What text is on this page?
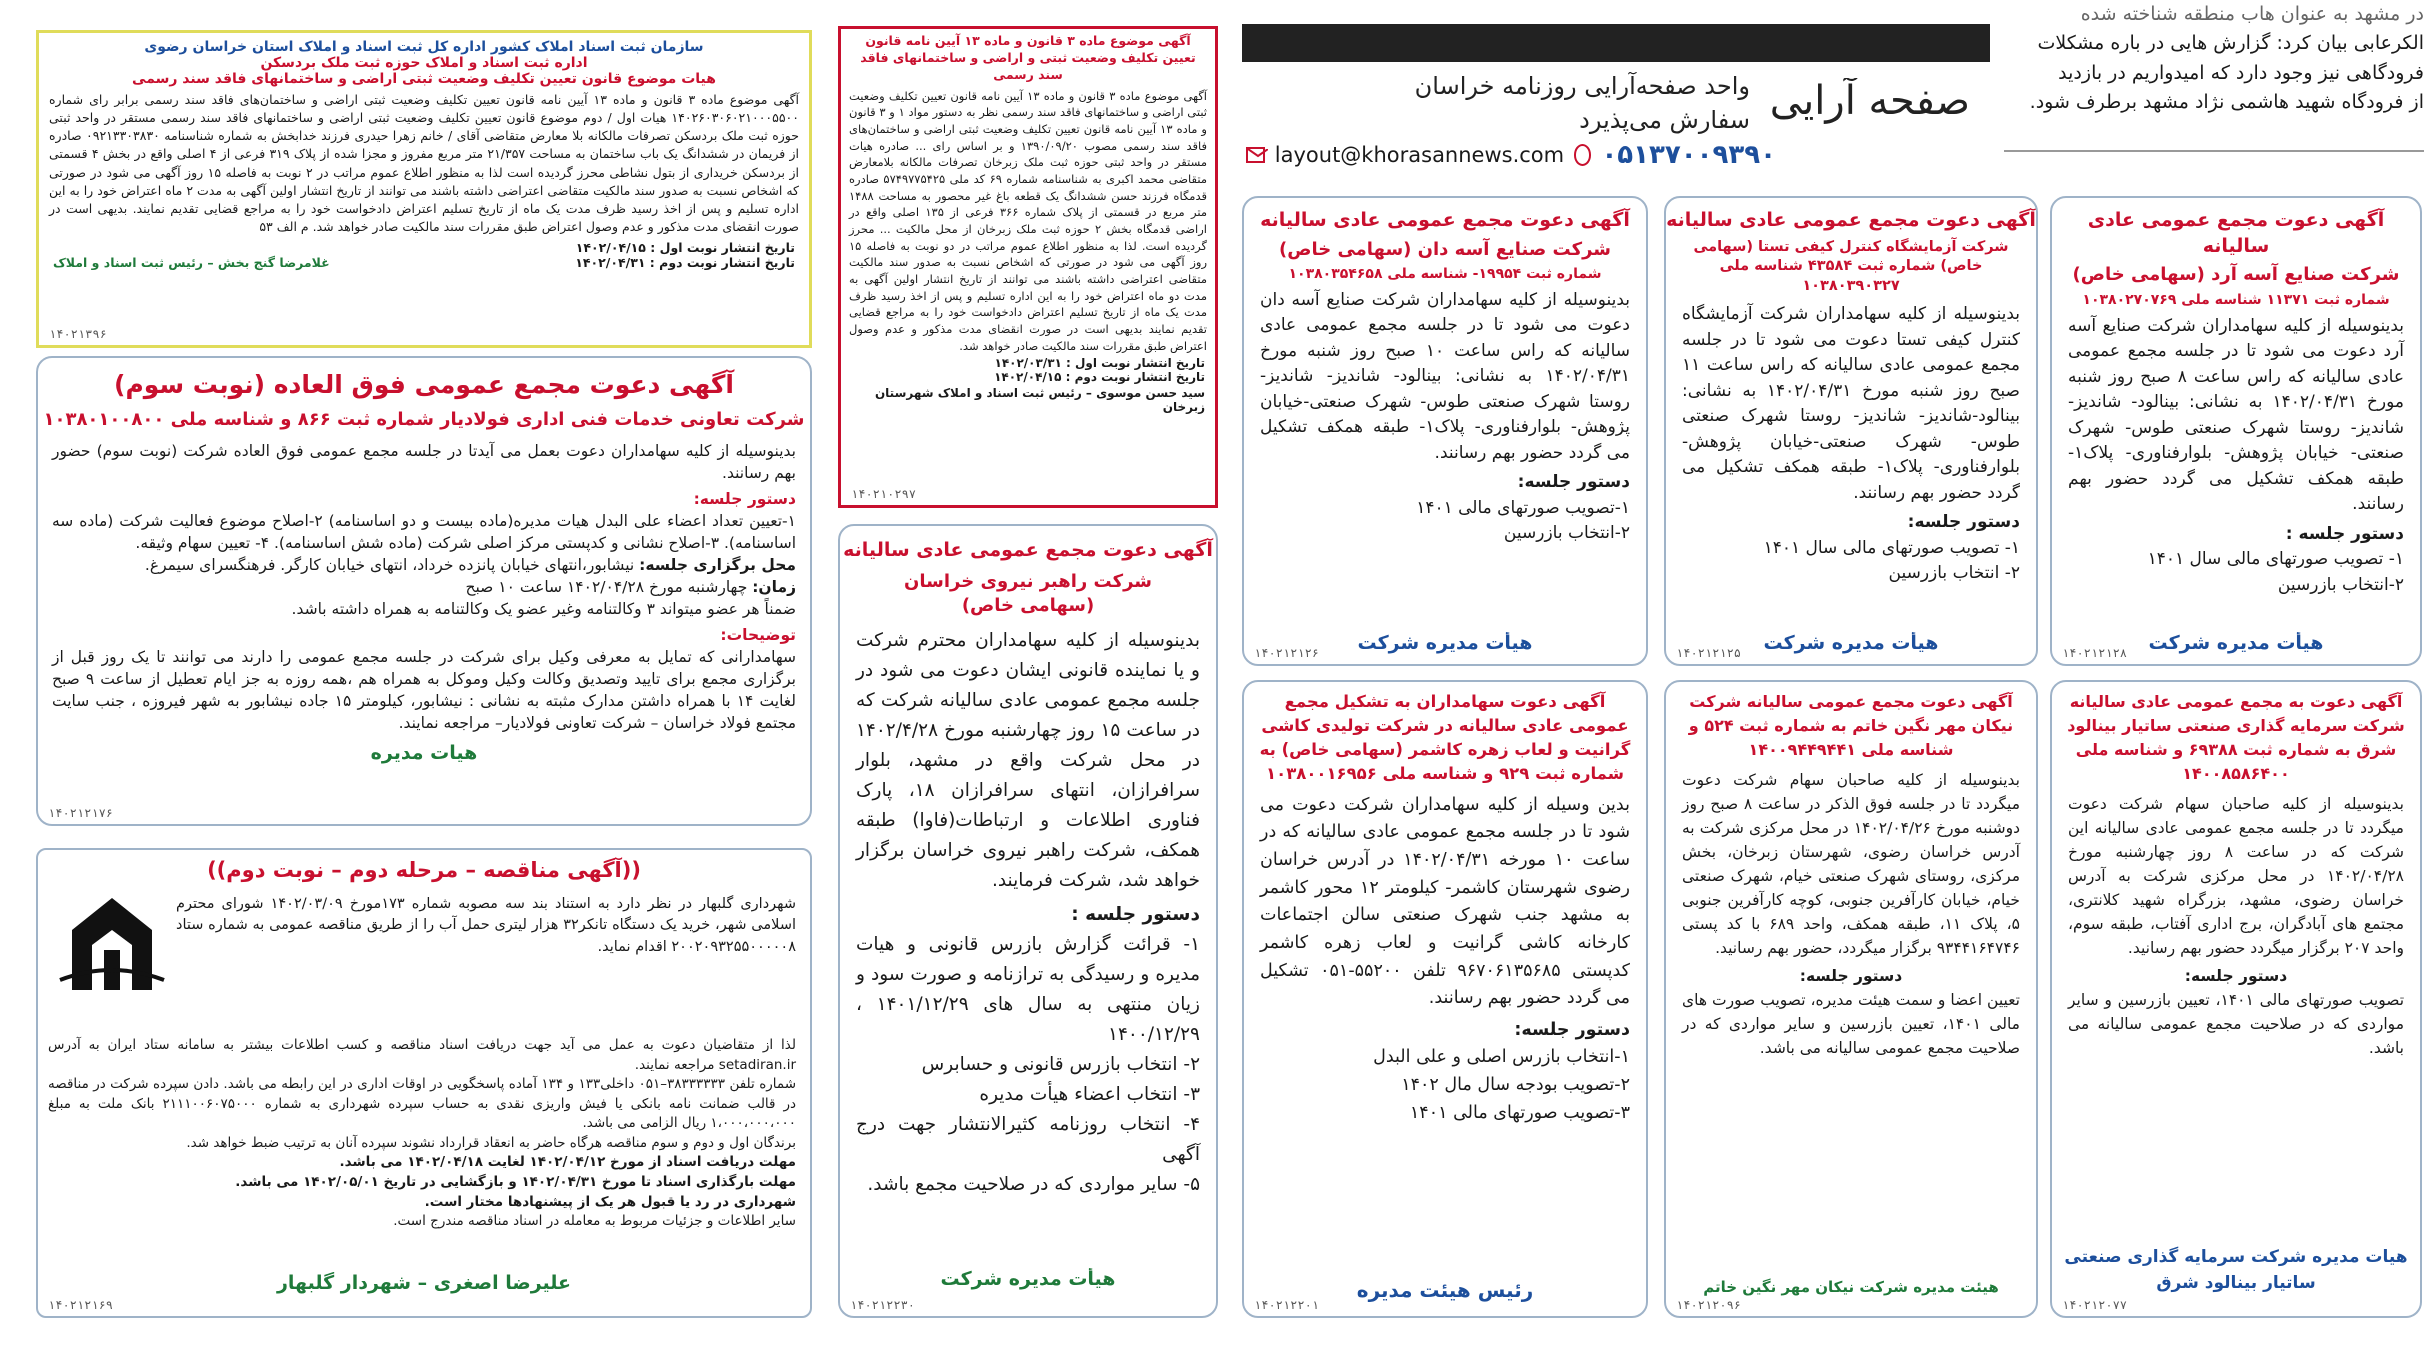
در مشهد به عنوان هاب منطقه شناخته شده
الکرعابی بیان کرد: گزارش هایی در باره مشکلات
فرودگاهی نیز وجود دارد که امیدواریم در بازدید
از فرودگاه شهید هاشمی نژاد مشهد برطرف شود.
صفحه آرایی
واحد صفحه‌آرایی روزنامه خراسان
سفارش می‌پذیرد
layout@khorasannews.com ۰۵۱۳۷۰۰۹۳۹۰
سازمان ثبت اسناد املاک کشور اداره کل ثبت اسناد و املاک استان خراسان رضوی
اداره ثبت اسناد و املاک حوزه ثبت ملک بردسکن
هیات موضوع قانون تعیین تکلیف وضعیت ثبتی اراضی و ساختمانهای فاقد سند رسمی
آگهی موضوع ماده ۳ قانون و ماده ۱۳ آیین نامه قانون تعیین تکلیف وضعیت ثبتی اراضی و ساختمان‌های فاقد سند رسمی برابر رای شماره ۱۴۰۲۶۰۳۰۶۰۲۱۰۰۰۵۵۰۰ هیات اول / دوم موضوع قانون تعیین تکلیف وضعیت ثبتی اراضی و ساختمانهای فاقد سند رسمی مستقر در واحد ثبتی حوزه ثبت ملک بردسکن تصرفات مالکانه بلا معارض متقاضی آقای / خانم زهرا حیدری فرزند خدابخش به شماره شناسنامه ۰۹۲۱۳۳۰۳۸۳۰ صادره از فریمان در ششدانگ یک باب ساختمان به مساحت ۲۱/۳۵۷ متر مربع مفروز و مجزا شده از پلاک ۳۱۹ فرعی از ۴ اصلی واقع در بخش ۴ قسمتی از بردسکن خریداری از بتول نشاطی محرز گردیده است لذا به منظور اطلاع عموم مراتب در ۲ نوبت به فاصله ۱۵ روز آگهی می شود در صورتی که اشخاص نسبت به صدور سند مالکیت متقاضی اعتراضی داشته باشند می توانند از تاریخ انتشار اولین آگهی به مدت ۲ ماه اعتراض خود را به این اداره تسلیم و پس از اخذ رسید ظرف مدت یک ماه از تاریخ تسلیم اعتراض دادخواست خود را به مراجع قضایی تقدیم نمایند. بدیهی است در صورت انقضای مدت مذکور و عدم وصول اعتراض طبق مقررات سند مالکیت صادر خواهد شد. م الف ۵۳
تاریخ انتشار نوبت اول : ۱۴۰۲/۰۴/۱۵
تاریخ انتشار نوبت دوم : ۱۴۰۲/۰۴/۳۱
غلامرضا گنج بخش – رئیس ثبت اسناد و املاک
۱۴۰۲۱۳۹۶
آگهی موضوع ماده ۳ قانون و ماده ۱۳ آیین نامه قانون تعیین تکلیف وضعیت ثبتی و اراضی و ساختمانهای فاقد سند رسمی
آگهی موضوع ماده ۳ قانون و ماده ۱۳ آیین نامه قانون تعیین تکلیف وضعیت ثبتی اراضی و ساختمانهای فاقد سند رسمی نظر به دستور مواد ۱ و ۳ قانون و ماده ۱۳ آیین نامه قانون تعیین تکلیف وضعیت ثبتی اراضی و ساختمان‌های فاقد سند رسمی مصوب ۱۳۹۰/۰۹/۲۰ و بر اساس رای ... صادره هیات مستقر در واحد ثبتی حوزه ثبت ملک زبرخان تصرفات مالکانه بلامعارض متقاضی محمد اکبری به شناسنامه شماره ۶۹ کد ملی ۵۷۴۹۷۷۵۴۲۵ صادره قدمگاه فرزند حسن ششدانگ یک قطعه باغ غیر محصور به مساحت ۱۴۸۸ متر مربع در قسمتی از پلاک شماره ۳۶۶ فرعی از ۱۳۵ اصلی واقع در اراضی قدمگاه بخش ۲ حوزه ثبت ملک زبرخان از محل مالکیت ... محرز گردیده است. لذا به منظور اطلاع عموم مراتب در دو نوبت به فاصله ۱۵ روز آگهی می شود در صورتی که اشخاص نسبت به صدور سند مالکیت متقاضی اعتراضی داشته باشند می توانند از تاریخ انتشار اولین آگهی به مدت دو ماه اعتراض خود را به این اداره تسلیم و پس از اخذ رسید ظرف مدت یک ماه از تاریخ تسلیم اعتراض دادخواست خود را به مراجع قضایی تقدیم نمایند بدیهی است در صورت انقضای مدت مذکور و عدم وصول اعتراض طبق مقررات سند مالکیت صادر خواهد شد.
تاریخ انتشار نوبت اول : ۱۴۰۲/۰۳/۳۱
تاریخ انتشار نوبت دوم : ۱۴۰۲/۰۴/۱۵
سید حسن موسوی – رئیس ثبت اسناد و املاک شهرستان زبرخان
۱۴۰۲۱۰۲۹۷
آگهی دعوت مجمع عمومی فوق العاده (نوبت سوم)
شرکت تعاونی خدمات فنی اداری فولادیار شماره ثبت ۸۶۶ و شناسه ملی ۱۰۳۸۰۱۰۰۸۰۰
بدینوسیله از کلیه سهامداران دعوت بعمل می آیدتا در جلسه مجمع عمومی فوق العاده شرکت (نوبت سوم) حضور بهم رسانند.
دستور جلسه:
۱-تعیین تعداد اعضاء علی البدل هیات مدیره(ماده بیست و دو اساسنامه) ۲-اصلاح موضوع فعالیت شرکت (ماده سه اساسنامه). ۳-اصلاح نشانی و کدپستی مرکز اصلی شرکت (ماده شش اساسنامه). ۴- تعیین سهام وثیقه.
محل برگزاری جلسه: نیشابور،انتهای خیابان پانزده خرداد، انتهای خیابان کارگر. فرهنگسرای سیمرغ.
زمان: چهارشنبه مورخ ۱۴۰۲/۰۴/۲۸ ساعت ۱۰ صبح
ضمناً هر عضو میتواند ۳ وکالتنامه وغیر عضو یک وکالتنامه به همراه داشته باشد.
توضیحات:
سهامدارانی که تمایل به معرفی وکیل برای شرکت در جلسه مجمع عمومی را دارند می توانند تا یک روز قبل از برگزاری مجمع برای تایید وتصدیق وکالت وکیل وموکل به همراه هم ،همه روزه به جز ایام تعطیل از ساعت ۹ صبح لغایت ۱۴ با همراه داشتن مدارک مثبته به نشانی : نیشابور، کیلومتر ۱۵ جاده نیشابور به شهر فیروزه ، جنب سایت مجتمع فولاد خراسان – شرکت تعاونی فولادیار– مراجعه نمایند.
هیات مدیره
۱۴۰۲۱۲۱۷۶
((آگهی مناقصه – مرحله دوم – نوبت دوم))
شهرداری گلبهار در نظر دارد به استناد بند سه مصوبه شماره ۱۷۳مورخ ۱۴۰۲/۰۳/۰۹ شورای محترم اسلامی شهر، خرید یک دستگاه تانکر۳۲ هزار لیتری حمل آب را از طریق مناقصه عمومی به شماره ستاد ۲۰۰۲۰۹۳۲۵۵۰۰۰۰۰۸ اقدام نماید.
لذا از متقاضیان دعوت به عمل می آید جهت دریافت اسناد مناقصه و کسب اطلاعات بیشتر به سامانه ستاد ایران به آدرس setadiran.ir مراجعه نمایند.
شماره تلفن ۳۸۳۳۳۳۳۳–۰۵۱ داخلی۱۳۳ و ۱۳۴ آماده پاسخگویی در اوقات اداری در این رابطه می باشد. دادن سپرده شرکت در مناقصه در قالب ضمانت نامه بانکی یا فیش واریزی نقدی به حساب سپرده شهرداری به شماره ۲۱۱۱۰۰۶۰۷۵۰۰۰ بانک ملت به مبلغ ۱،۰۰۰،۰۰۰،۰۰۰ ریال الزامی می باشد.
برندگان اول و دوم و سوم مناقصه هرگاه حاضر به انعقاد قرارداد نشوند سپرده آنان به ترتیب ضبط خواهد شد.
مهلت دریافت اسناد از مورخ ۱۴۰۲/۰۴/۱۲ لغایت ۱۴۰۲/۰۴/۱۸ می باشد.
مهلت بارگذاری اسناد تا مورخ ۱۴۰۲/۰۴/۳۱ و بازگشایی در تاریخ ۱۴۰۲/۰۵/۰۱ می باشد.
شهرداری در رد یا قبول هر یک از پیشنهادها مختار است.
سایر اطلاعات و جزئیات مربوط به معامله در اسناد مناقصه مندرج است.
علیرضا اصغری – شهردار گلبهار
۱۴۰۲۱۲۱۶۹
آگهی دعوت مجمع عمومی عادی سالیانه
شرکت راهبر نیروی خراسان (سهامی خاص)
بدینوسیله از کلیه سهامداران محترم شرکت و یا نماینده قانونی ایشان دعوت می شود در جلسه مجمع عمومی عادی سالیانه شرکت که در ساعت ۱۵ روز چهارشنبه مورخ ۱۴۰۲/۴/۲۸ در محل شرکت واقع در مشهد، بلوار سرافرازان، انتهای سرافرازان ۱۸، پارک فناوری اطلاعات و ارتباطات(فاوا) طبقه همکف، شرکت راهبر نیروی خراسان برگزار خواهد شد، شرکت فرمایند.
دستور جلسه :
۱- قرائت گزارش بازرس قانونی و هیات مدیره و رسیدگی به ترازنامه و صورت سود و زیان منتهی به سال های ۱۴۰۱/۱۲/۲۹ ، ۱۴۰۰/۱۲/۲۹
۲- انتخاب بازرس قانونی و حسابرس
۳- انتخاب اعضاء هیأت مدیره
۴- انتخاب روزنامه کثیرالانتشار جهت درج آگهی
۵- سایر مواردی که در صلاحیت مجمع باشد.
هیأت مدیره شرکت
۱۴۰۲۱۲۲۳۰
آگهی دعوت مجمع عمومی عادی سالیانه
شرکت صنایع آسه دان (سهامی خاص)
شماره ثبت ۱۹۹۵۴- شناسه ملی ۱۰۳۸۰۳۵۴۶۵۸
بدینوسیله از کلیه سهامداران شرکت صنایع آسه دان دعوت می شود تا در جلسه مجمع عمومی عادی سالیانه که راس ساعت ۱۰ صبح روز شنبه مورخ ۱۴۰۲/۰۴/۳۱ به نشانی: بینالود- شاندیز- شاندیز- روستا شهرک صنعتی طوس- شهرک صنعتی-خیابان پژوهش- بلوارفناوری- پلاک۱- طبقه همکف تشکیل می گردد حضور بهم رسانند.
دستور جلسه:
۱-تصویب صورتهای مالی ۱۴۰۱
۲-انتخاب بازرسین
هیأت مدیره شرکت
۱۴۰۲۱۲۱۲۶
آگهی دعوت مجمع عمومی عادی سالیانه
شرکت آزمایشگاه کنترل کیفی تستا (سهامی خاص) شماره ثبت ۴۳۵۸۴ شناسه ملی ۱۰۳۸۰۳۹۰۳۲۷
بدینوسیله از کلیه سهامداران شرکت آزمایشگاه کنترل کیفی تستا دعوت می شود تا در جلسه مجمع عمومی عادی سالیانه که راس ساعت ۱۱ صبح روز شنبه مورخ ۱۴۰۲/۰۴/۳۱ به نشانی: بینالود-شاندیز- شاندیز- روستا شهرک صنعتی طوس- شهرک صنعتی-خیابان پژوهش- بلوارفناوری- پلاک۱- طبقه همکف تشکیل می گردد حضور بهم رسانند.
دستور جلسه:
۱- تصویب صورتهای مالی سال ۱۴۰۱
۲- انتخاب بازرسین
هیأت مدیره شرکت
۱۴۰۲۱۲۱۲۵
آگهی دعوت مجمع عمومی عادی سالیانه
شرکت صنایع آسه آرد (سهامی خاص)
شماره ثبت ۱۱۳۷۱ شناسه ملی ۱۰۳۸۰۲۷۰۷۶۹
بدینوسیله از کلیه سهامداران شرکت صنایع آسه آرد دعوت می شود تا در جلسه مجمع عمومی عادی سالیانه که راس ساعت ۸ صبح روز شنبه مورخ ۱۴۰۲/۰۴/۳۱ به نشانی: بینالود- شاندیز-شاندیز- روستا شهرک صنعتی طوس- شهرک صنعتی- خیابان پژوهش- بلوارفناوری- پلاک۱- طبقه همکف تشکیل می گردد حضور بهم رسانند.
دستور جلسه :
۱- تصویب صورتهای مالی سال ۱۴۰۱
۲-انتخاب بازرسین
هیأت مدیره شرکت
۱۴۰۲۱۲۱۲۸
آگهی دعوت سهامداران به تشکیل مجمع عمومی عادی سالیانه در شرکت تولیدی کاشی گرانیت و لعاب زهره کاشمر (سهامی خاص) به شماره ثبت ۹۲۹ و شناسه ملی ۱۰۳۸۰۰۱۶۹۵۶
بدین وسیله از کلیه سهامداران شرکت دعوت می شود تا در جلسه مجمع عمومی عادی سالیانه که در ساعت ۱۰ مورخه ۱۴۰۲/۰۴/۳۱ در آدرس خراسان رضوی شهرستان کاشمر- کیلومتر ۱۲ محور کاشمر به مشهد جنب شهرک صنعتی سالن اجتماعات کارخانه کاشی گرانیت و لعاب زهره کاشمر کدپستی ۹۶۷۰۶۱۳۵۶۸۵ تلفن ۵۵۲۰۰-۰۵۱ تشکیل می گردد حضور بهم رسانند.
دستور جلسه:
۱-انتخاب بازرس اصلی و علی البدل
۲-تصویب بودجه سال مال ۱۴۰۲
۳-تصویب صورتهای مالی ۱۴۰۱
رئیس هیئت مدیره
۱۴۰۲۱۲۲۰۱
آگهی دعوت مجمع عمومی سالیانه شرکت نیکان مهر نگین خاتم به شماره ثبت ۵۲۴ و شناسه ملی ۱۴۰۰۹۴۴۹۴۴۱
بدینوسیله از کلیه صاحبان سهام شرکت دعوت میگردد تا در جلسه فوق الذکر در ساعت ۸ صبح روز دوشنبه مورخ ۱۴۰۲/۰۴/۲۶ در محل مرکزی شرکت به آدرس خراسان رضوی، شهرستان زبرخان، بخش مرکزی، روستای شهرک صنعتی خیام، شهرک صنعتی خیام، خیابان کارآفرین جنوبی، کوچه کارآفرین جنوبی ۵، پلاک ۱۱، طبقه همکف، واحد ۶۸۹ با کد پستی ۹۳۴۴۱۶۴۷۴۶ برگزار میگردد، حضور بهم رسانید.
دستور جلسه:
تعیین اعضا و سمت هیئت مدیره، تصویب صورت های مالی ۱۴۰۱، تعیین بازرسین و سایر مواردی که در صلاحیت مجمع عمومی سالیانه می باشد.
هیئت مدیره شرکت نیکان مهر نگین خاتم
۱۴۰۲۱۲۰۹۶
آگهی دعوت به مجمع عمومی عادی سالیانه شرکت سرمایه گذاری صنعتی ساتیار بینالود شرق به شماره ثبت ۶۹۳۸۸ و شناسه ملی ۱۴۰۰۸۵۸۶۴۰۰
بدینوسیله از کلیه صاحبان سهام شرکت دعوت میگردد تا در جلسه مجمع عمومی عادی سالیانه این شرکت که در ساعت ۸ روز چهارشنبه مورخ ۱۴۰۲/۰۴/۲۸ در محل مرکزی شرکت به آدرس خراسان رضوی، مشهد، بزرگراه شهید کلانتری، مجتمع های آبادگران، برج اداری آفتاب، طبقه سوم، واحد ۲۰۷ برگزار میگردد حضور بهم رسانید.
دستور جلسه:
تصویب صورتهای مالی ۱۴۰۱، تعیین بازرسین و سایر مواردی که در صلاحیت مجمع عمومی سالیانه می باشد.
هیات مدیره شرکت سرمایه گذاری صنعتی ساتیار بینالود شرق
۱۴۰۲۱۲۰۷۷
